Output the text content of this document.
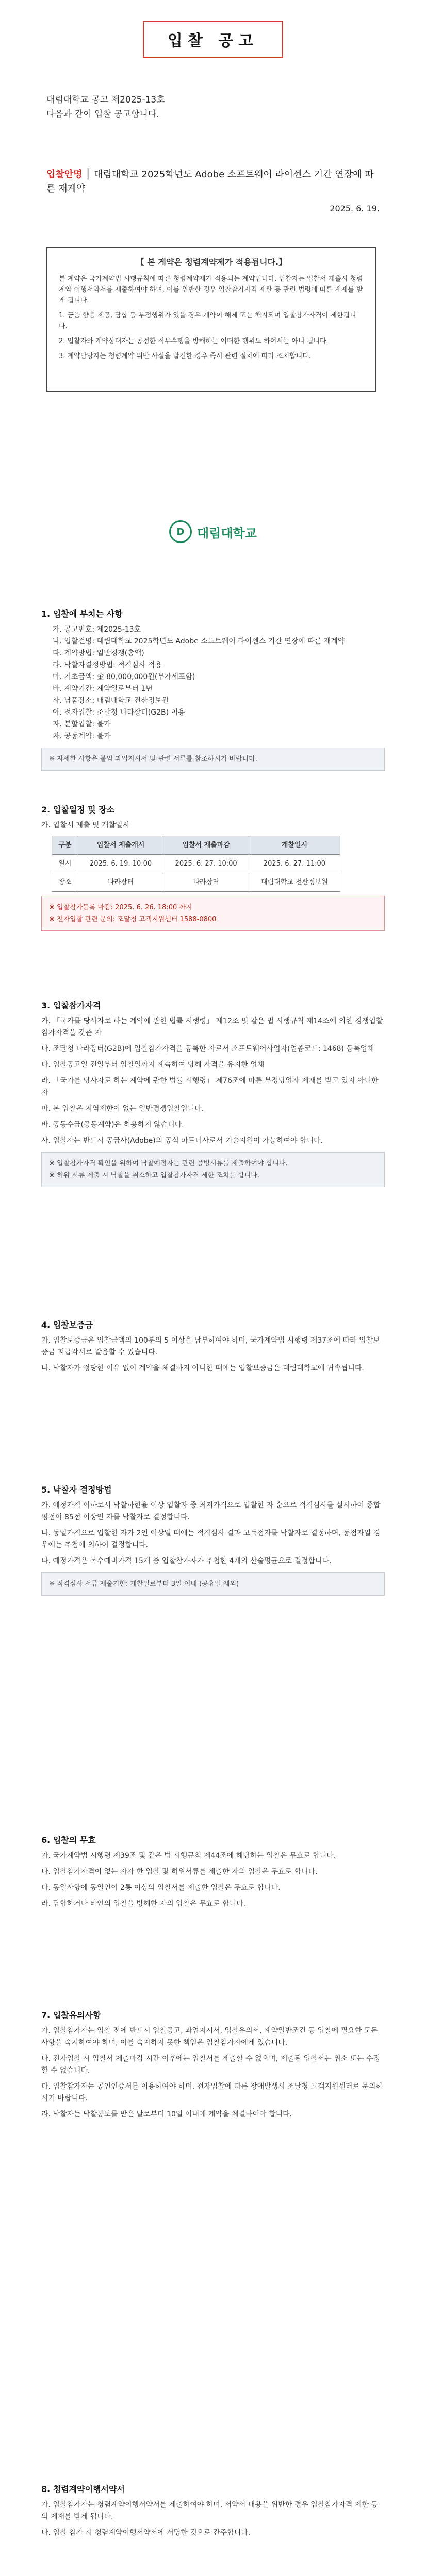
입찰 공고
대림대학교 공고 제2025-13호
다음과 같이 입찰 공고합니다.
입찰안명 │ 대림대학교 2025학년도 Adobe 소프트웨어 라이센스 기간 연장에 따른 재계약
2025. 6. 19.
【 본 게약은 청렴계약제가 적용됩니다.】

본 계약은 국가계약법 시행규칙에 따른 청렴계약제가 적용되는 계약입니다. 입찰자는 입찰서 제출시 청렴계약 이행서약서를 제출하여야 하며, 이를 위반한 경우 입찰참가자격 제한 등 관련 법령에 따른 제재를 받게 됩니다.

1. 금품·향응 제공, 담합 등 부정행위가 있을 경우 계약이 해제 또는 해지되며 입찰참가자격이 제한됩니다.

2. 입찰자와 계약상대자는 공정한 직무수행을 방해하는 어떠한 행위도 하여서는 아니 됩니다.

3. 계약담당자는 청렴계약 위반 사실을 발견한 경우 즉시 관련 절차에 따라 조치합니다.

D	대림대학교
1. 입찰에 부치는 사항
가. 공고번호: 제2025-13호
나. 입찰건명: 대림대학교 2025학년도 Adobe 소프트웨어 라이센스 기간 연장에 따른 재계약
다. 계약방법: 일반경쟁(총액)
라. 낙찰자결정방법: 적격심사 적용
마. 기초금액: 金 80,000,000원(부가세포함)
바. 계약기간: 계약일로부터 1년
사. 납품장소: 대림대학교 전산정보원
아. 전자입찰: 조달청 나라장터(G2B) 이용
자. 분할입찰: 불가
차. 공동계약: 불가
※ 자세한 사항은 붙임 과업지시서 및 관련 서류를 참조하시기 바랍니다.
2. 입찰일정 및 장소
가. 입찰서 제출 및 개찰일시
구분	입찰서 제출개시	입찰서 제출마감	개찰일시
일시	2025. 6. 19. 10:00	2025. 6. 27. 10:00	2025. 6. 27. 11:00
장소	나라장터	나라장터	대림대학교 전산정보원
※ 입찰참가등록 마감: 2025. 6. 26. 18:00 까지
※ 전자입찰 관련 문의: 조달청 고객지원센터 1588-0800
3. 입찰참가자격

가. 「국가를 당사자로 하는 계약에 관한 법률 시행령」 제12조 및 같은 법 시행규칙 제14조에 의한 경쟁입찰 참가자격을 갖춘 자

나. 조달청 나라장터(G2B)에 입찰참가자격을 등록한 자로서 소프트웨어사업자(업종코드: 1468) 등록업체

다. 입찰공고일 전일부터 입찰일까지 계속하여 당해 자격을 유지한 업체

라. 「국가를 당사자로 하는 계약에 관한 법률 시행령」 제76조에 따른 부정당업자 제재를 받고 있지 아니한 자

마. 본 입찰은 지역제한이 없는 일반경쟁입찰입니다.

바. 공동수급(공동계약)은 허용하지 않습니다.

사. 입찰자는 반드시 공급사(Adobe)의 공식 파트너사로서 기술지원이 가능하여야 합니다.

※ 입찰참가자격 확인을 위하여 낙찰예정자는 관련 증빙서류를 제출하여야 합니다.
※ 허위 서류 제출 시 낙찰을 취소하고 입찰참가자격 제한 조치를 합니다.
4. 입찰보증금

가. 입찰보증금은 입찰금액의 100분의 5 이상을 납부하여야 하며, 국가계약법 시행령 제37조에 따라 입찰보증금 지급각서로 갈음할 수 있습니다.

나. 낙찰자가 정당한 이유 없이 계약을 체결하지 아니한 때에는 입찰보증금은 대림대학교에 귀속됩니다.

5. 낙찰자 결정방법

가. 예정가격 이하로서 낙찰하한율 이상 입찰자 중 최저가격으로 입찰한 자 순으로 적격심사를 실시하여 종합평점이 85점 이상인 자를 낙찰자로 결정합니다.

나. 동일가격으로 입찰한 자가 2인 이상일 때에는 적격심사 결과 고득점자를 낙찰자로 결정하며, 동점자일 경우에는 추첨에 의하여 결정합니다.

다. 예정가격은 복수예비가격 15개 중 입찰참가자가 추첨한 4개의 산술평균으로 결정합니다.

※ 적격심사 서류 제출기한: 개찰일로부터 3일 이내 (공휴일 제외)
6. 입찰의 무효

가. 국가계약법 시행령 제39조 및 같은 법 시행규칙 제44조에 해당하는 입찰은 무효로 합니다.

나. 입찰참가자격이 없는 자가 한 입찰 및 허위서류를 제출한 자의 입찰은 무효로 합니다.

다. 동일사항에 동일인이 2통 이상의 입찰서를 제출한 입찰은 무효로 합니다.

라. 담합하거나 타인의 입찰을 방해한 자의 입찰은 무효로 합니다.

7. 입찰유의사항

가. 입찰참가자는 입찰 전에 반드시 입찰공고, 과업지시서, 입찰유의서, 계약일반조건 등 입찰에 필요한 모든 사항을 숙지하여야 하며, 이를 숙지하지 못한 책임은 입찰참가자에게 있습니다.

나. 전자입찰 시 입찰서 제출마감 시간 이후에는 입찰서를 제출할 수 없으며, 제출된 입찰서는 취소 또는 수정할 수 없습니다.

다. 입찰참가자는 공인인증서를 이용하여야 하며, 전자입찰에 따른 장애발생시 조달청 고객지원센터로 문의하시기 바랍니다.

라. 낙찰자는 낙찰통보를 받은 날로부터 10일 이내에 계약을 체결하여야 합니다.

8. 청렴계약이행서약서

가. 입찰참가자는 청렴계약이행서약서를 제출하여야 하며, 서약서 내용을 위반한 경우 입찰참가자격 제한 등의 제재를 받게 됩니다.

나. 입찰 참가 시 청렴계약이행서약서에 서명한 것으로 간주합니다.
